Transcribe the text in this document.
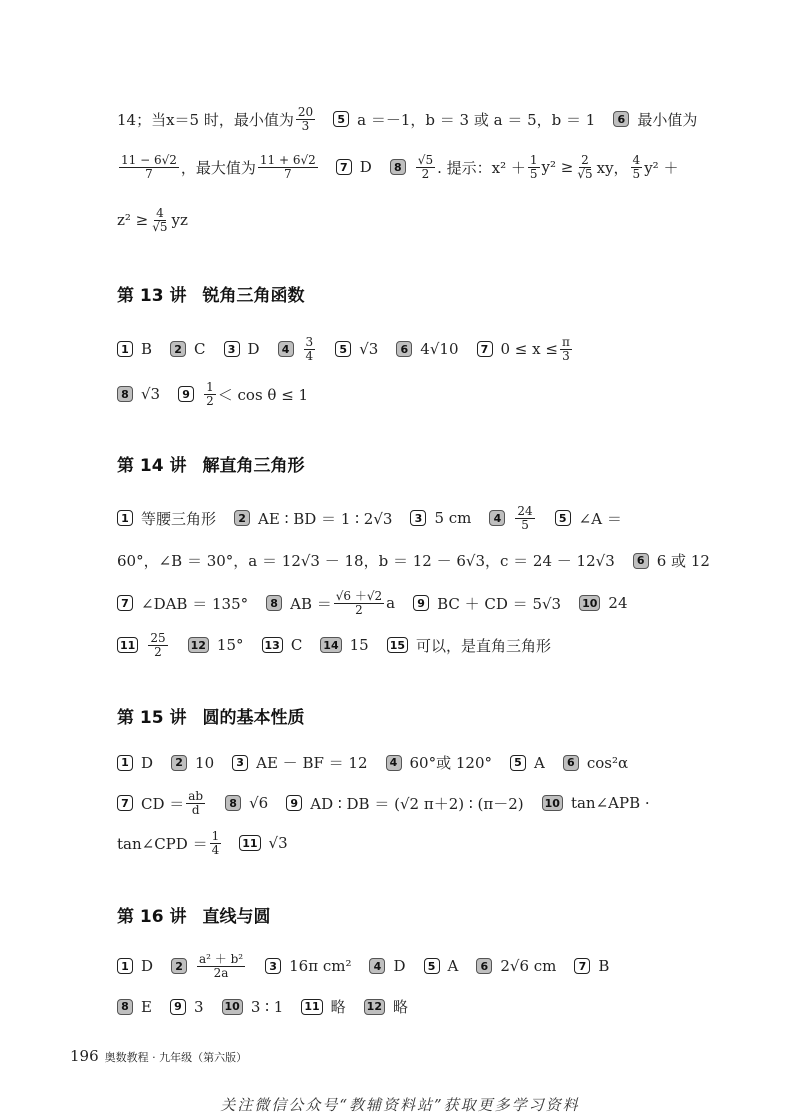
14；当x＝5 时，最小值为 $\frac{20}{3}$	5 a ＝－1，b ＝ 3 或 a ＝ 5，b ＝ 1	6 最小值为
$\frac{11 - 6√2}{7}$ ，最大值为 $\frac{11 + 6√2}{7}$	7 D	8	$\frac{√5}{2}$ . 提示：$x^2 + \frac{1}{5} y^2 \ge \frac{2}{√5}$ xy， $\frac{4}{5} y^2$ ＋
$z^2 \ge \frac{4}{√5}$ yz
第 13 讲 锐角三角函数
1 B	2 C	3 D	4	$\frac{3}{4}$	5 √3	6 4√10	7 $0 \le x \le \frac{\pi}{3}$
8 √3	9	$\frac{1}{2} < \cos \theta \le 1$
第 14 讲 解直角三角形
1 等腰三角形	2 AE ∶ BD ＝ 1 ∶ 2√3	3 5 cm	4	$\frac{24}{5}$	5 ∠A ＝
60°，∠B ＝ 30°，a ＝ 12√3 － 18，b ＝ 12 － 6√3，c ＝ 24 － 12√3	6 6 或 12
7 ∠DAB ＝ 135°	8 AB ＝ $\frac{√6 +√2}{2}$ a	9 BC ＋ CD ＝ 5√3 10 24
$11 \frac{25}{2} 12$ 15° 13 C 14 15 15 可以，是直角三角形
第 15 讲 圆的基本性质
1 D	2 10	3 AE － BF ＝ 12	4 60°或 120°	5 A	6 cos²α
7 CD ＝ $\frac{ab}{d}$	8 √6	9 AD ∶ DB ＝ (√2 π＋2) ∶ (π－2) 10 tan∠APB ·
tan∠CPD ＝ $\frac{1}{4} 11$ √3
第 16 讲 直线与圆
1 D	2	$\frac{\text{a² ＋ b²}}{2a}$	3 16π cm²	4 D	5 A	6 2√6 cm	7 B
8 E	9 3 10 3 ∶ 1 11 略 12 略
196 奥数教程 · 九年级（第六版）
关注微信公众号“教辅资料站”获取更多学习资料
